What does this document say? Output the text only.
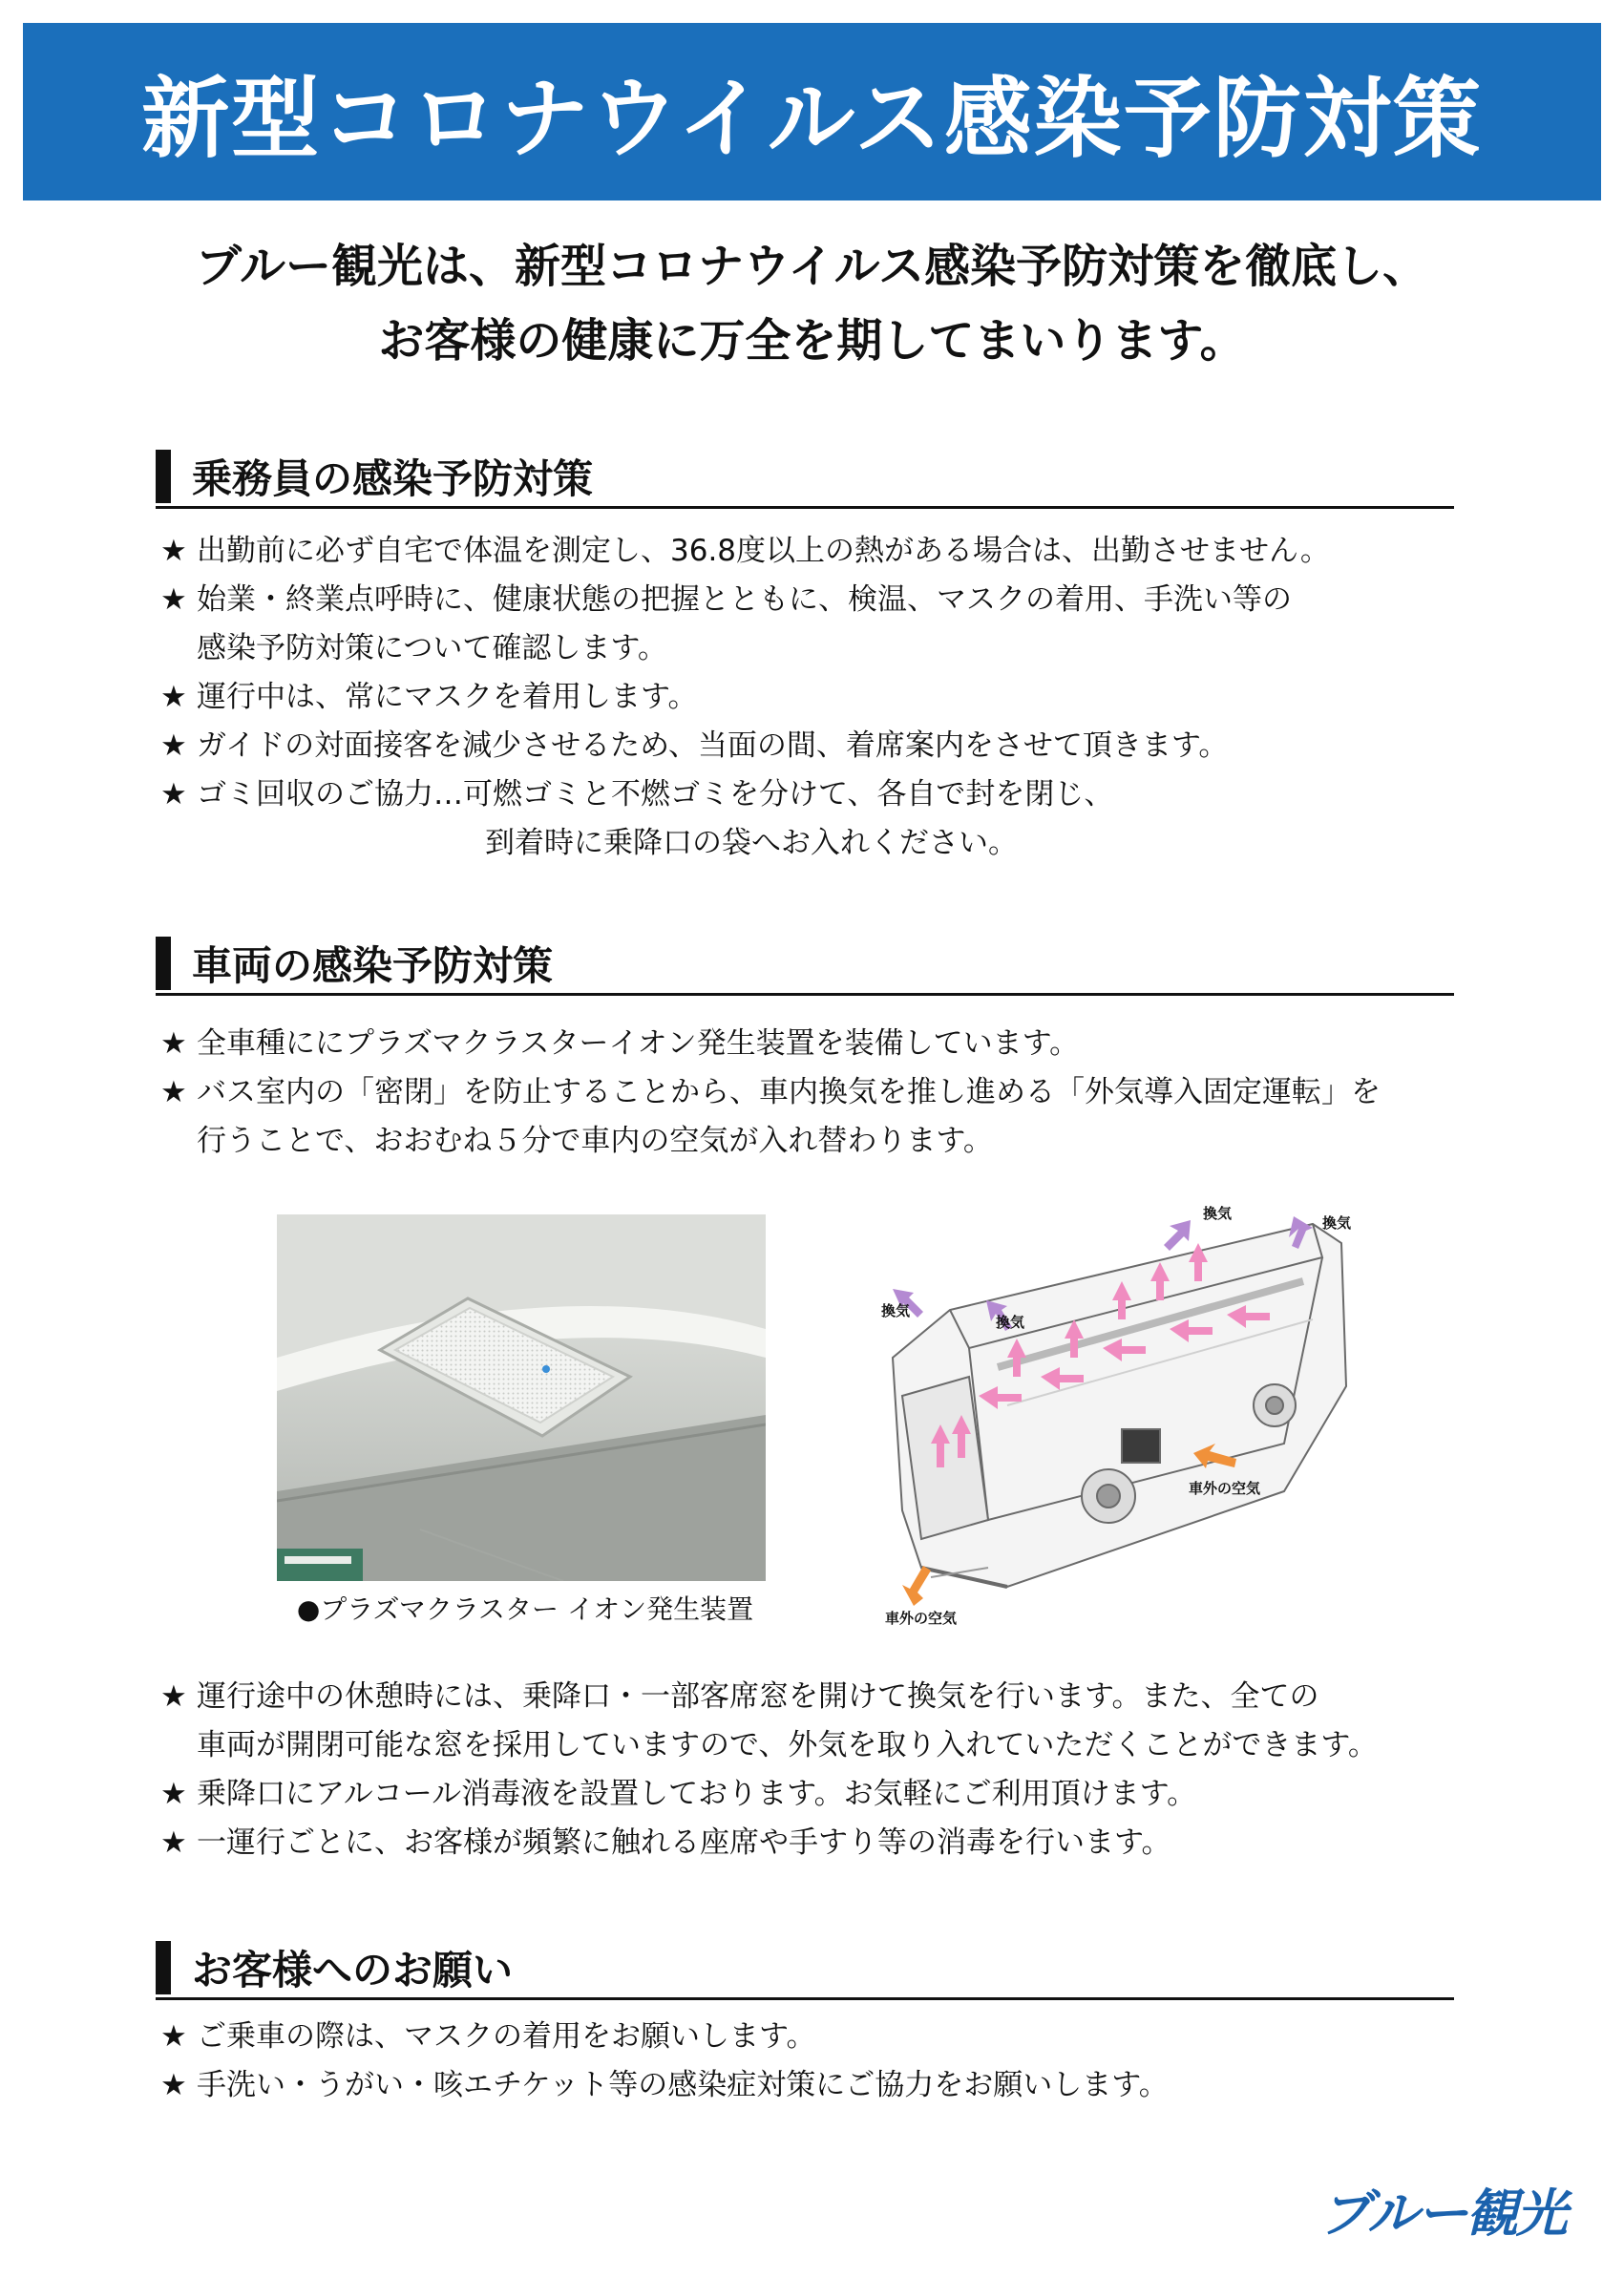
新型コロナウイルス感染予防対策
ブルー観光は、新型コロナウイルス感染予防対策を徹底し、
お客様の健康に万全を期してまいります。
乗務員の感染予防対策
★ 出勤前に必ず自宅で体温を測定し、36.8度以上の熱がある場合は、出勤させません。
★ 始業・終業点呼時に、健康状態の把握とともに、検温、マスクの着用、手洗い等の
感染予防対策について確認します。
★ 運行中は、常にマスクを着用します。
★ ガイドの対面接客を減少させるため、当面の間、着席案内をさせて頂きます。
★ ゴミ回収のご協力…可燃ゴミと不燃ゴミを分けて、各自で封を閉じ、
到着時に乗降口の袋へお入れください。
車両の感染予防対策
★ 全車種ににプラズマクラスターイオン発生装置を装備しています。
★ バス室内の「密閉」を防止することから、車内換気を推し進める「外気導入固定運転」を
行うことで、おおむね５分で車内の空気が入れ替わります。
●プラズマクラスター イオン発生装置
換気
換気
換気
換気
車外の空気
車外の空気
★ 運行途中の休憩時には、乗降口・一部客席窓を開けて換気を行います。また、全ての
車両が開閉可能な窓を採用していますので、外気を取り入れていただくことができます。
★ 乗降口にアルコール消毒液を設置しております。お気軽にご利用頂けます。
★ 一運行ごとに、お客様が頻繁に触れる座席や手すり等の消毒を行います。
お客様へのお願い
★ ご乗車の際は、マスクの着用をお願いします。
★ 手洗い・うがい・咳エチケット等の感染症対策にご協力をお願いします。
ブルー観光
